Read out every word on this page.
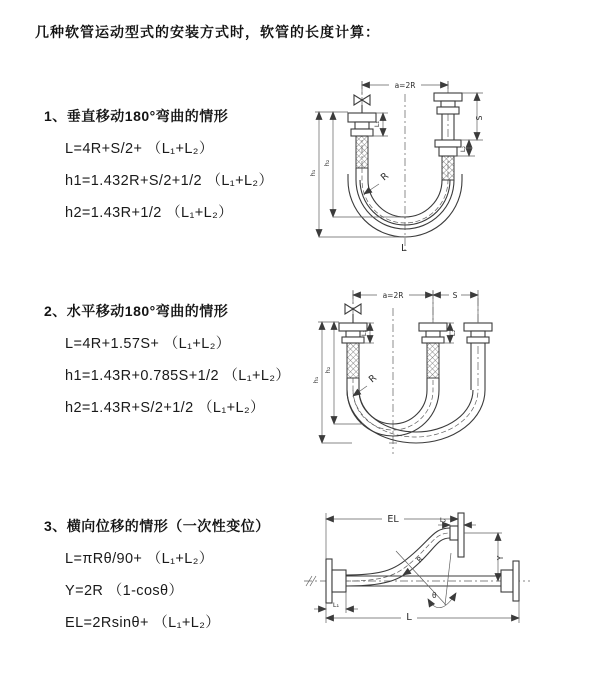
几种软管运动型式的安装方式时，软管的长度计算：
1、垂直移动180°弯曲的情形
L=4R+S/2+ （L₁+L₂）
h1=1.432R+S/2+1/2 （L₁+L₂）
h2=1.43R+1/2 （L₁+L₂）
2、水平移动180°弯曲的情形
L=4R+1.57S+ （L₁+L₂）
h1=1.43R+0.785S+1/2 （L₁+L₂）
h2=1.43R+S/2+1/2 （L₁+L₂）
3、横向位移的情形（一次性变位）
L=πRθ/90+ （L₁+L₂）
Y=2R （1-cosθ）
EL=2Rsinθ+ （L₁+L₂）
a=2R
L₁
S
L₂
h₂
h₁	R
L
a=2R	S
L₁	L₂
h₂
h₁	R
θ
EL	L₂
Y
L
L₁
R
